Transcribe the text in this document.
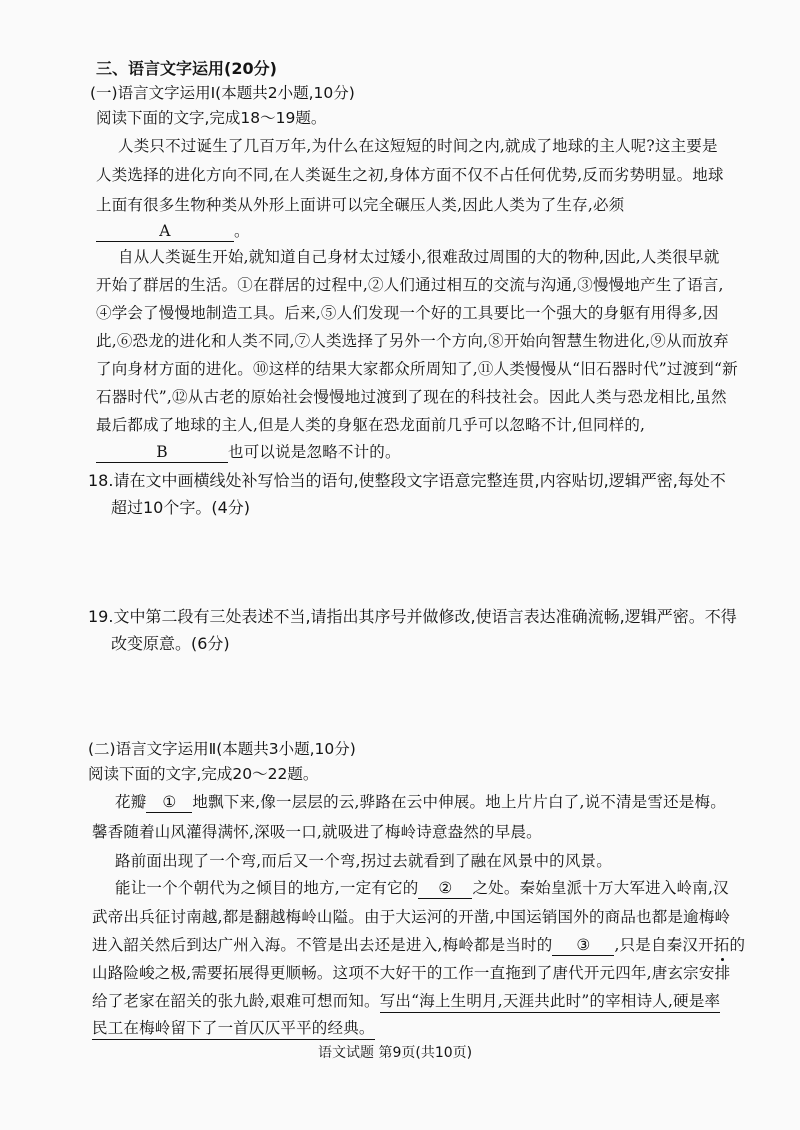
三、语言文字运用(20分)
(一)语言文字运用Ⅰ(本题共2小题,10分)
阅读下面的文字,完成18～19题。
人类只不过诞生了几百万年,为什么在这短短的时间之内,就成了地球的主人呢?这主要是
人类选择的进化方向不同,在人类诞生之初,身体方面不仅不占任何优势,反而劣势明显。地球
上面有很多生物种类从外形上面讲可以完全碾压人类,因此人类为了生存,必须
A	。
自从人类诞生开始,就知道自己身材太过矮小,很难敌过周围的大的物种,因此,人类很早就
开始了群居的生活。①在群居的过程中,②人们通过相互的交流与沟通,③慢慢地产生了语言,
④学会了慢慢地制造工具。后来,⑤人们发现一个好的工具要比一个强大的身躯有用得多,因
此,⑥恐龙的进化和人类不同,⑦人类选择了另外一个方向,⑧开始向智慧生物进化,⑨从而放弃
了向身材方面的进化。⑩这样的结果大家都众所周知了,⑪人类慢慢从“旧石器时代”过渡到“新
石器时代”,⑫从古老的原始社会慢慢地过渡到了现在的科技社会。因此人类与恐龙相比,虽然
最后都成了地球的主人,但是人类的身躯在恐龙面前几乎可以忽略不计,但同样的,
B	也可以说是忽略不计的。
18.请在文中画横线处补写恰当的语句,使整段文字语意完整连贯,内容贴切,逻辑严密,每处不
超过10个字。(4分)
19.文中第二段有三处表述不当,请指出其序号并做修改,使语言表达准确流畅,逻辑严密。不得
改变原意。(6分)
(二)语言文字运用Ⅱ(本题共3小题,10分)
阅读下面的文字,完成20～22题。
花瓣 ① 地飘下来,像一层层的云,骅路在云中伸展。地上片片白了,说不清是雪还是梅。
馨香随着山风灌得满怀,深吸一口,就吸进了梅岭诗意盎然的早晨。
路前面出现了一个弯,而后又一个弯,拐过去就看到了融在风景中的风景。
能让一个个朝代为之倾目的地方,一定有它的 ② 之处。秦始皇派十万大军进入岭南,汉
武帝出兵征讨南越,都是翻越梅岭山隘。由于大运河的开凿,中国运销国外的商品也都是逾梅岭
进入韶关然后到达广州入海。不管是出去还是进入,梅岭都是当时的 ③ ,只是自秦汉开拓的
山路险峻之极,需要拓展得更顺畅。这项不大好干的工作一直拖到了唐代开元四年,唐玄宗安排
给了老家在韶关的张九龄,艰难可想而知。写出“海上生明月,天涯共此时”的宰相诗人,硬是率
民工在梅岭留下了一首仄仄平平的经典。
语文试题 第9页(共10页)
